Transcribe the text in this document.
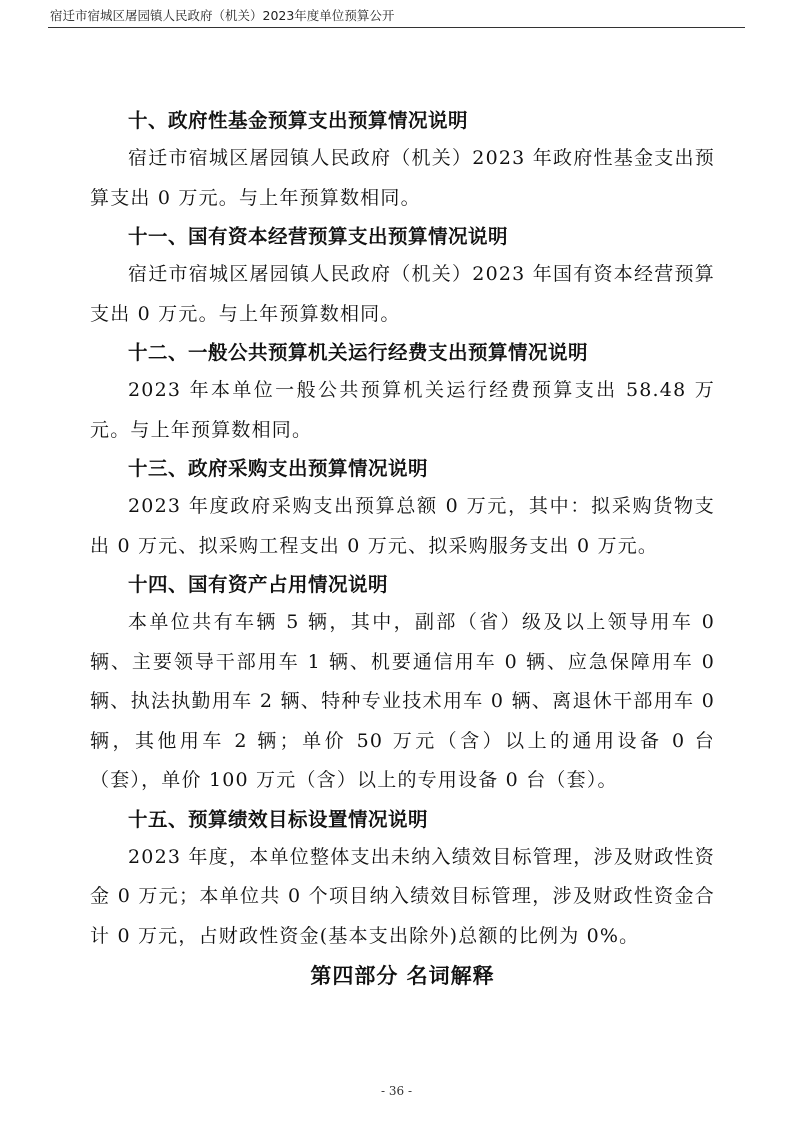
宿迁市宿城区屠园镇人民政府（机关）2023年度单位预算公开
十、政府性基金预算支出预算情况说明

宿迁市宿城区屠园镇人民政府（机关）2023 年政府性基金支出预算支出 0 万元。与上年预算数相同。

十一、国有资本经营预算支出预算情况说明

宿迁市宿城区屠园镇人民政府（机关）2023 年国有资本经营预算支出 0 万元。与上年预算数相同。

十二、一般公共预算机关运行经费支出预算情况说明

2023 年本单位一般公共预算机关运行经费预算支出 58.48 万元。与上年预算数相同。

十三、政府采购支出预算情况说明

2023 年度政府采购支出预算总额 0 万元，其中：拟采购货物支出 0 万元、拟采购工程支出 0 万元、拟采购服务支出 0 万元。

十四、国有资产占用情况说明

本单位共有车辆 5 辆，其中，副部（省）级及以上领导用车 0 辆、主要领导干部用车 1 辆、机要通信用车 0 辆、应急保障用车 0 辆、执法执勤用车 2 辆、特种专业技术用车 0 辆、离退休干部用车 0 辆，其他用车 2 辆；单价 50 万元（含）以上的通用设备 0 台（套），单价 100 万元（含）以上的专用设备 0 台（套）。

十五、预算绩效目标设置情况说明

2023 年度，本单位整体支出未纳入绩效目标管理，涉及财政性资金 0 万元；本单位共 0 个项目纳入绩效目标管理，涉及财政性资金合计 0 万元，占财政性资金(基本支出除外)总额的比例为 0%。

第四部分 名词解释
- 36 -
